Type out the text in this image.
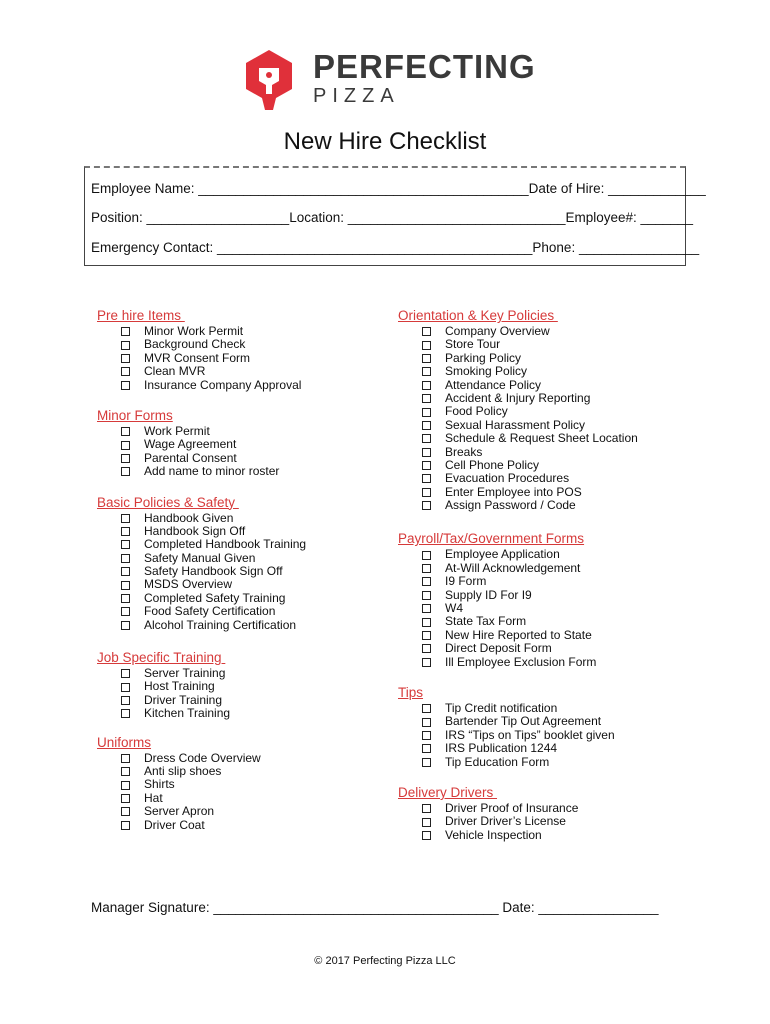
PERFECTING
PIZZA
New Hire Checklist
Employee Name: ____________________________________________ Date of Hire: _____________
Position: ___________________ Location: _____________________________ Employee#: _______
Emergency Contact: __________________________________________ Phone: ________________
Pre hire Items
Minor Work Permit
Background Check
MVR Consent Form
Clean MVR
Insurance Company Approval
Minor Forms
Work Permit
Wage Agreement
Parental Consent
Add name to minor roster
Basic Policies & Safety
Handbook Given
Handbook Sign Off
Completed Handbook Training
Safety Manual Given
Safety Handbook Sign Off
MSDS Overview
Completed Safety Training
Food Safety Certification
Alcohol Training Certification
Job Specific Training
Server Training
Host Training
Driver Training
Kitchen Training
Uniforms
Dress Code Overview
Anti slip shoes
Shirts
Hat
Server Apron
Driver Coat
Orientation & Key Policies
Company Overview
Store Tour
Parking Policy
Smoking Policy
Attendance Policy
Accident & Injury Reporting
Food Policy
Sexual Harassment Policy
Schedule & Request Sheet Location
Breaks
Cell Phone Policy
Evacuation Procedures
Enter Employee into POS
Assign Password / Code
Payroll/Tax/Government Forms
Employee Application
At-Will Acknowledgement
I9 Form
Supply ID For I9
W4
State Tax Form
New Hire Reported to State
Direct Deposit Form
Ill Employee Exclusion Form
Tips
Tip Credit notification
Bartender Tip Out Agreement
IRS “Tips on Tips” booklet given
IRS Publication 1244
Tip Education Form
Delivery Drivers
Driver Proof of Insurance
Driver Driver’s License
Vehicle Inspection
Manager Signature: ______________________________________ Date: ________________
© 2017 Perfecting Pizza LLC
